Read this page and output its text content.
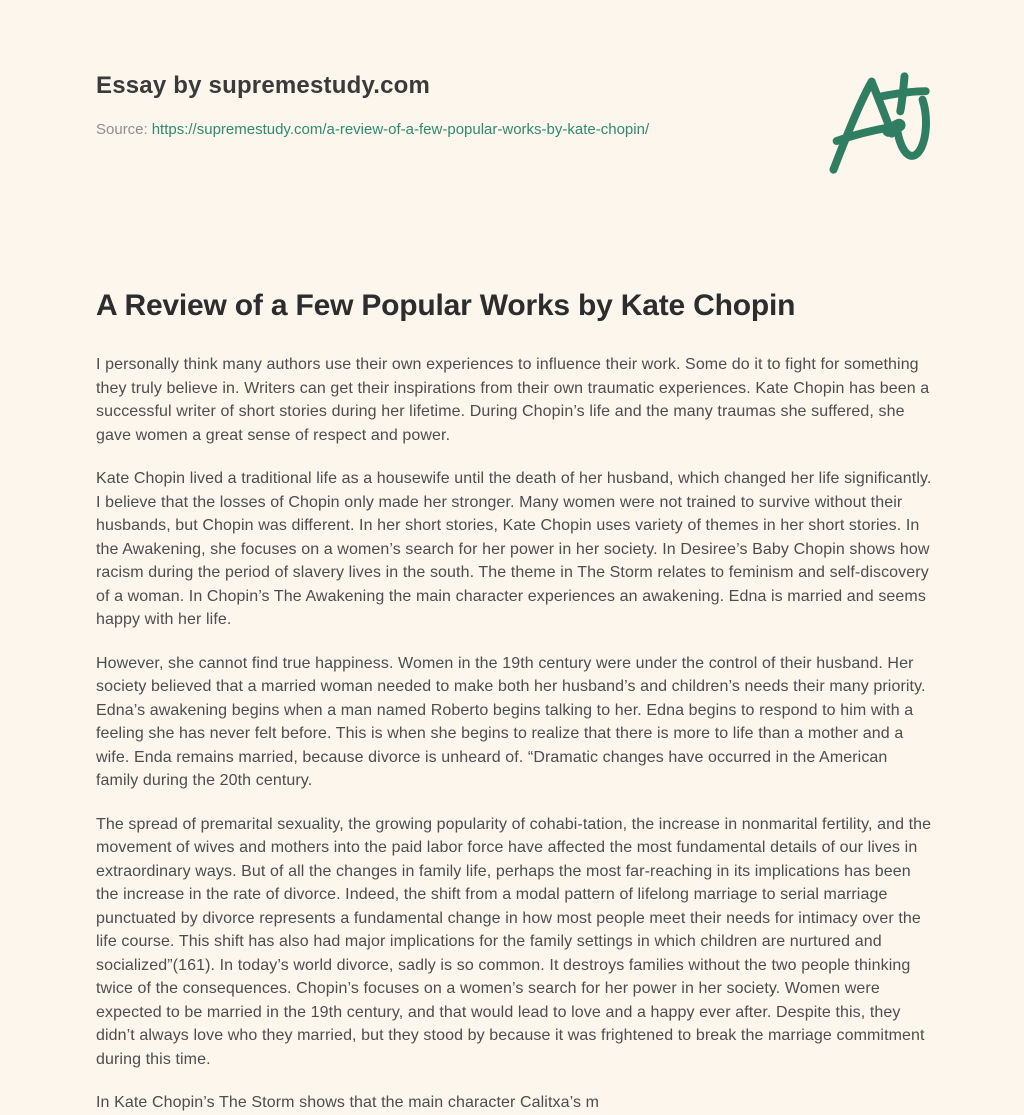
Essay by supremestudy.com
Source: https://supremestudy.com/a-review-of-a-few-popular-works-by-kate-chopin/
A Review of a Few Popular Works by Kate Chopin

I personally think many authors use their own experiences to influence their work. Some do it to fight for something they truly believe in. Writers can get their inspirations from their own traumatic experiences. Kate Chopin has been a successful writer of short stories during her lifetime. During Chopin’s life and the many traumas she suffered, she gave women a great sense of respect and power.

Kate Chopin lived a traditional life as a housewife until the death of her husband, which changed her life significantly. I believe that the losses of Chopin only made her stronger. Many women were not trained to survive without their husbands, but Chopin was different. In her short stories, Kate Chopin uses variety of themes in her short stories. In the Awakening, she focuses on a women’s search for her power in her society. In Desiree’s Baby Chopin shows how racism during the period of slavery lives in the south. The theme in The Storm relates to feminism and self-discovery of a woman. In Chopin’s The Awakening the main character experiences an awakening. Edna is married and seems happy with her life.

However, she cannot find true happiness. Women in the 19th century were under the control of their husband. Her society believed that a married woman needed to make both her husband’s and children’s needs their many priority. Edna’s awakening begins when a man named Roberto begins talking to her. Edna begins to respond to him with a feeling she has never felt before. This is when she begins to realize that there is more to life than a mother and a wife. Enda remains married, because divorce is unheard of. “Dramatic changes have occurred in the American family during the 20th century.

The spread of premarital sexuality, the growing popularity of cohabi-tation, the increase in nonmarital fertility, and the movement of wives and mothers into the paid labor force have affected the most fundamental details of our lives in extraordinary ways. But of all the changes in family life, perhaps the most far-reaching in its implications has been the increase in the rate of divorce. Indeed, the shift from a modal pattern of lifelong marriage to serial marriage punctuated by divorce represents a fundamental change in how most people meet their needs for intimacy over the life course. This shift has also had major implications for the family settings in which children are nurtured and socialized”(161). In today’s world divorce, sadly is so common. It destroys families without the two people thinking twice of the consequences. Chopin’s focuses on a women’s search for her power in her society. Women were expected to be married in the 19th century, and that would lead to love and a happy ever after. Despite this, they didn’t always love who they married, but they stood by because it was frightened to break the marriage commitment during this time.

In Kate Chopin’s The Storm shows that the main character Calitxa’s m
